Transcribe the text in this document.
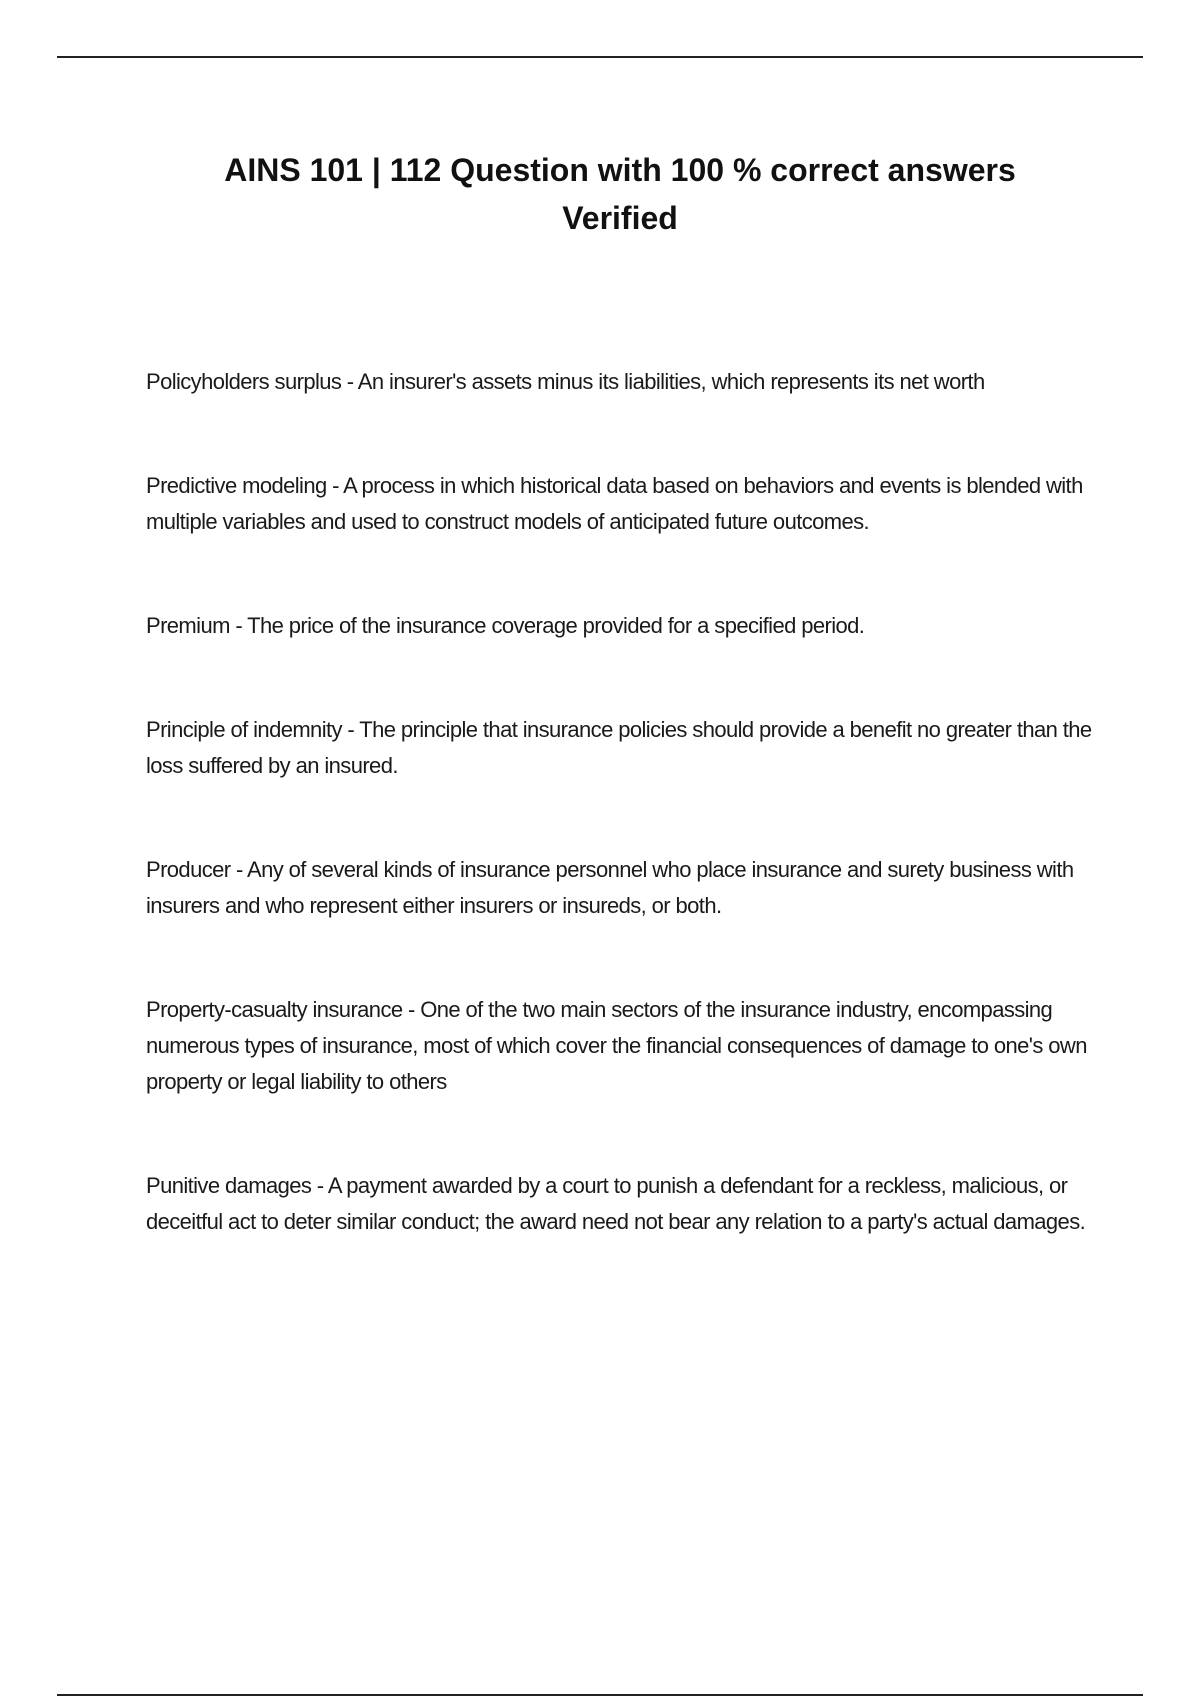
AINS 101 | 112 Question with 100 % correct answers
Verified

Policyholders surplus - An insurer's assets minus its liabilities, which represents its net worth

Predictive modeling - A process in which historical data based on behaviors and events is blended with multiple variables and used to construct models of anticipated future outcomes.

Premium - The price of the insurance coverage provided for a specified period.

Principle of indemnity - The principle that insurance policies should provide a benefit no greater than the loss suffered by an insured.

Producer - Any of several kinds of insurance personnel who place insurance and surety business with insurers and who represent either insurers or insureds, or both.

Property-casualty insurance - One of the two main sectors of the insurance industry, encompassing numerous types of insurance, most of which cover the financial consequences of damage to one's own property or legal liability to others

Punitive damages - A payment awarded by a court to punish a defendant for a reckless, malicious, or deceitful act to deter similar conduct; the award need not bear any relation to a party's actual damages.
